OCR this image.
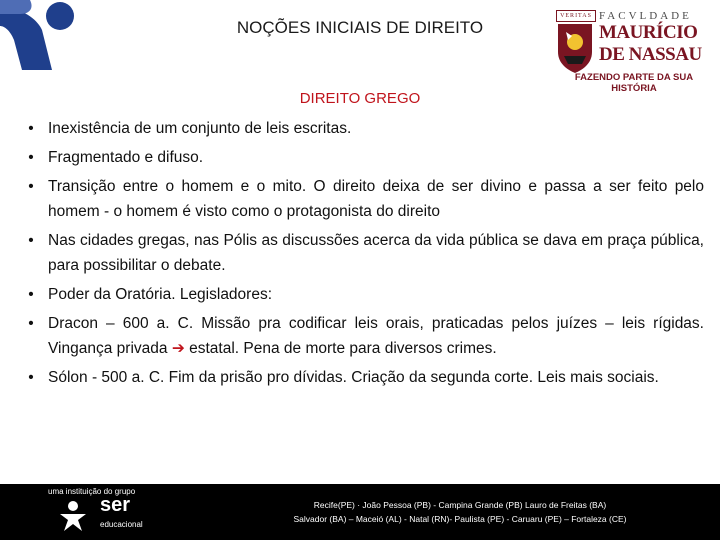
NOÇÕES INICIAIS DE DIREITO
VERITAS FACVLDADE
MAURÍCIO
DE NASSAU
FAZENDO PARTE DA SUA HISTÓRIA
DIREITO GREGO
• Inexistência de um conjunto de leis escritas.
• Fragmentado e difuso.
• Transição entre o homem e o mito. O direito deixa de ser divino e passa a ser feito pelo homem - o homem é visto como o protagonista do direito
• Nas cidades gregas, nas Pólis as discussões acerca da vida pública se dava em praça pública, para possibilitar o debate.
• Poder da Oratória. Legisladores:
• Dracon – 600 a. C. Missão pra codificar leis orais, praticadas pelos juízes – leis rígidas. Vingança privada ➔ estatal. Pena de morte para diversos crimes.
• Sólon - 500 a. C. Fim da prisão pro dívidas. Criação da segunda corte. Leis mais sociais.
uma instituição do grupo
ser
educacional
Recife(PE) · João Pessoa (PB) - Campina Grande (PB) Lauro de Freitas (BA)
Salvador (BA) – Maceió (AL) - Natal (RN)- Paulista (PE) - Caruaru (PE) – Fortaleza (CE)
